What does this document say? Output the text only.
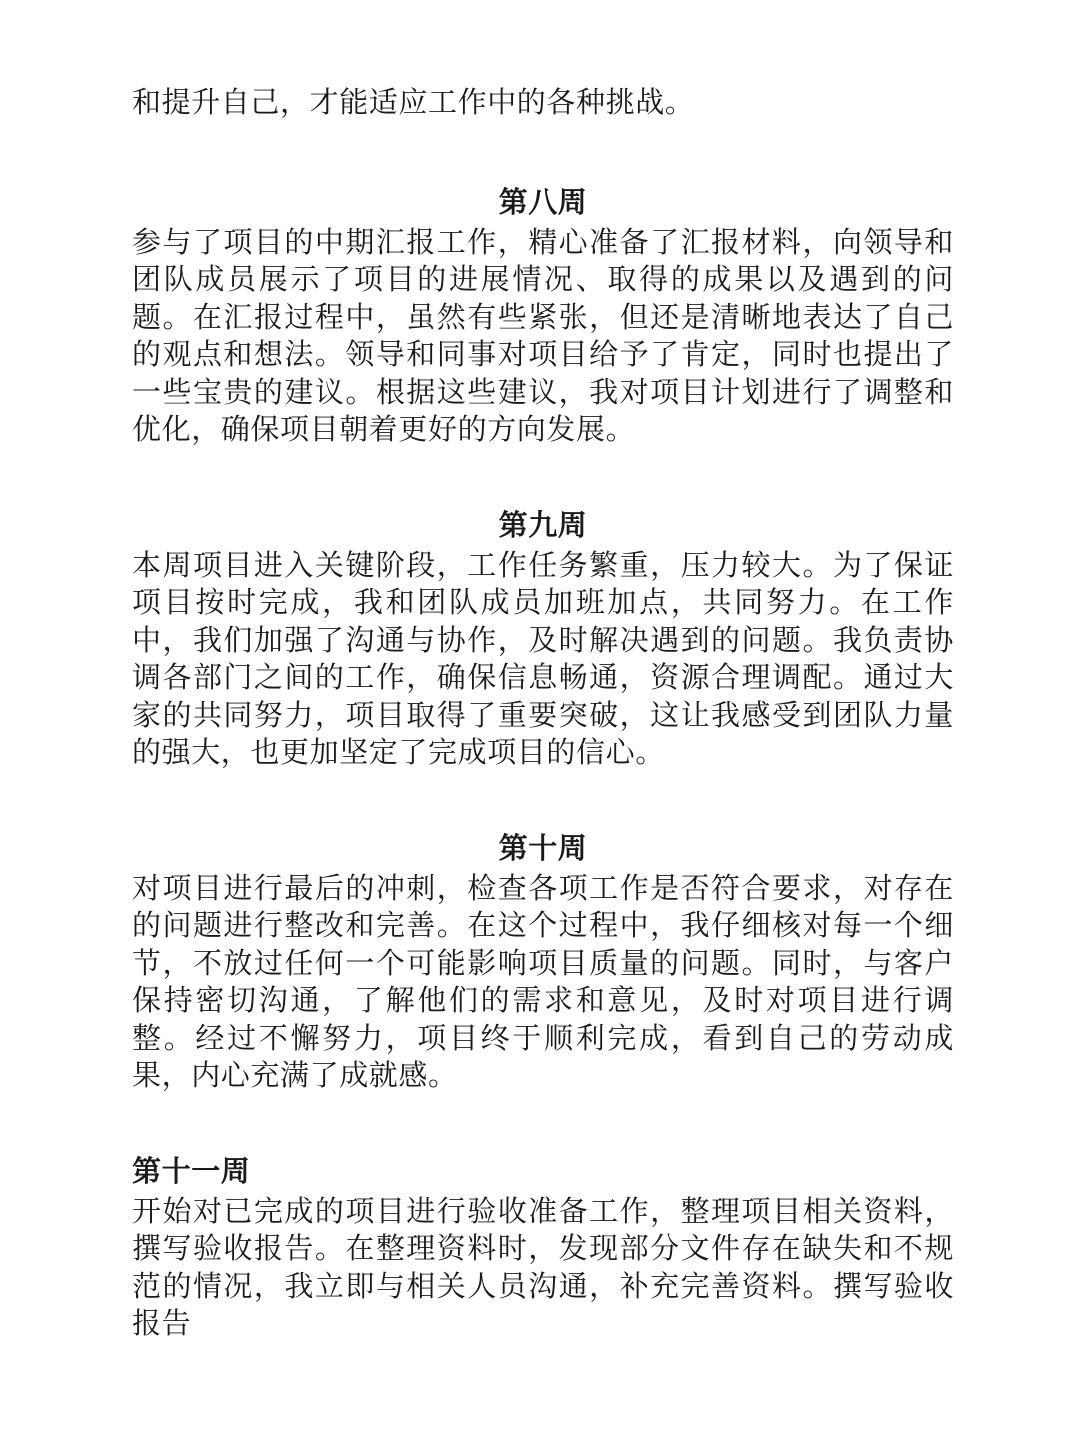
和提升自己，才能适应工作中的各种挑战。

第八周

参与了项目的中期汇报工作，精心准备了汇报材料，向领导和团队成员展示了项目的进展情况、取得的成果以及遇到的问题。在汇报过程中，虽然有些紧张，但还是清晰地表达了自己的观点和想法。领导和同事对项目给予了肯定，同时也提出了一些宝贵的建议。根据这些建议，我对项目计划进行了调整和优化，确保项目朝着更好的方向发展。

第九周

本周项目进入关键阶段，工作任务繁重，压力较大。为了保证项目按时完成，我和团队成员加班加点，共同努力。在工作中，我们加强了沟通与协作，及时解决遇到的问题。我负责协调各部门之间的工作，确保信息畅通，资源合理调配。通过大家的共同努力，项目取得了重要突破，这让我感受到团队力量的强大，也更加坚定了完成项目的信心。

第十周

对项目进行最后的冲刺，检查各项工作是否符合要求，对存在的问题进行整改和完善。在这个过程中，我仔细核对每一个细节，不放过任何一个可能影响项目质量的问题。同时，与客户保持密切沟通，了解他们的需求和意见，及时对项目进行调整。经过不懈努力，项目终于顺利完成，看到自己的劳动成果，内心充满了成就感。

第十一周

开始对已完成的项目进行验收准备工作，整理项目相关资料，撰写验收报告。在整理资料时，发现部分文件存在缺失和不规范的情况，我立即与相关人员沟通，补充完善资料。撰写验收报告
